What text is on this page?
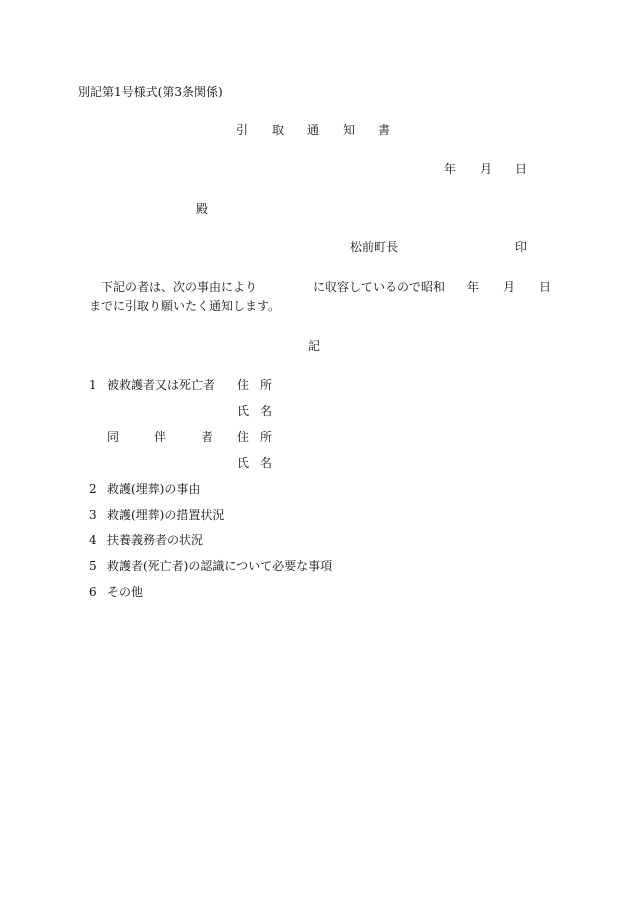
別記第1号様式(第3条関係)
引 取 通 知 書
年 月 日
殿
松前町長	印
下記の者は、次の事由により	に収容しているので昭和 年 月 日
までに引取り願いたく通知します。
記
1 被救護者又は死亡者 住 所
氏 名
同	伴	者 住 所
氏 名
2 救護(埋葬)の事由
3 救護(埋葬)の措置状況
4 扶養義務者の状況
5 救護者(死亡者)の認識について必要な事項
6 その他
